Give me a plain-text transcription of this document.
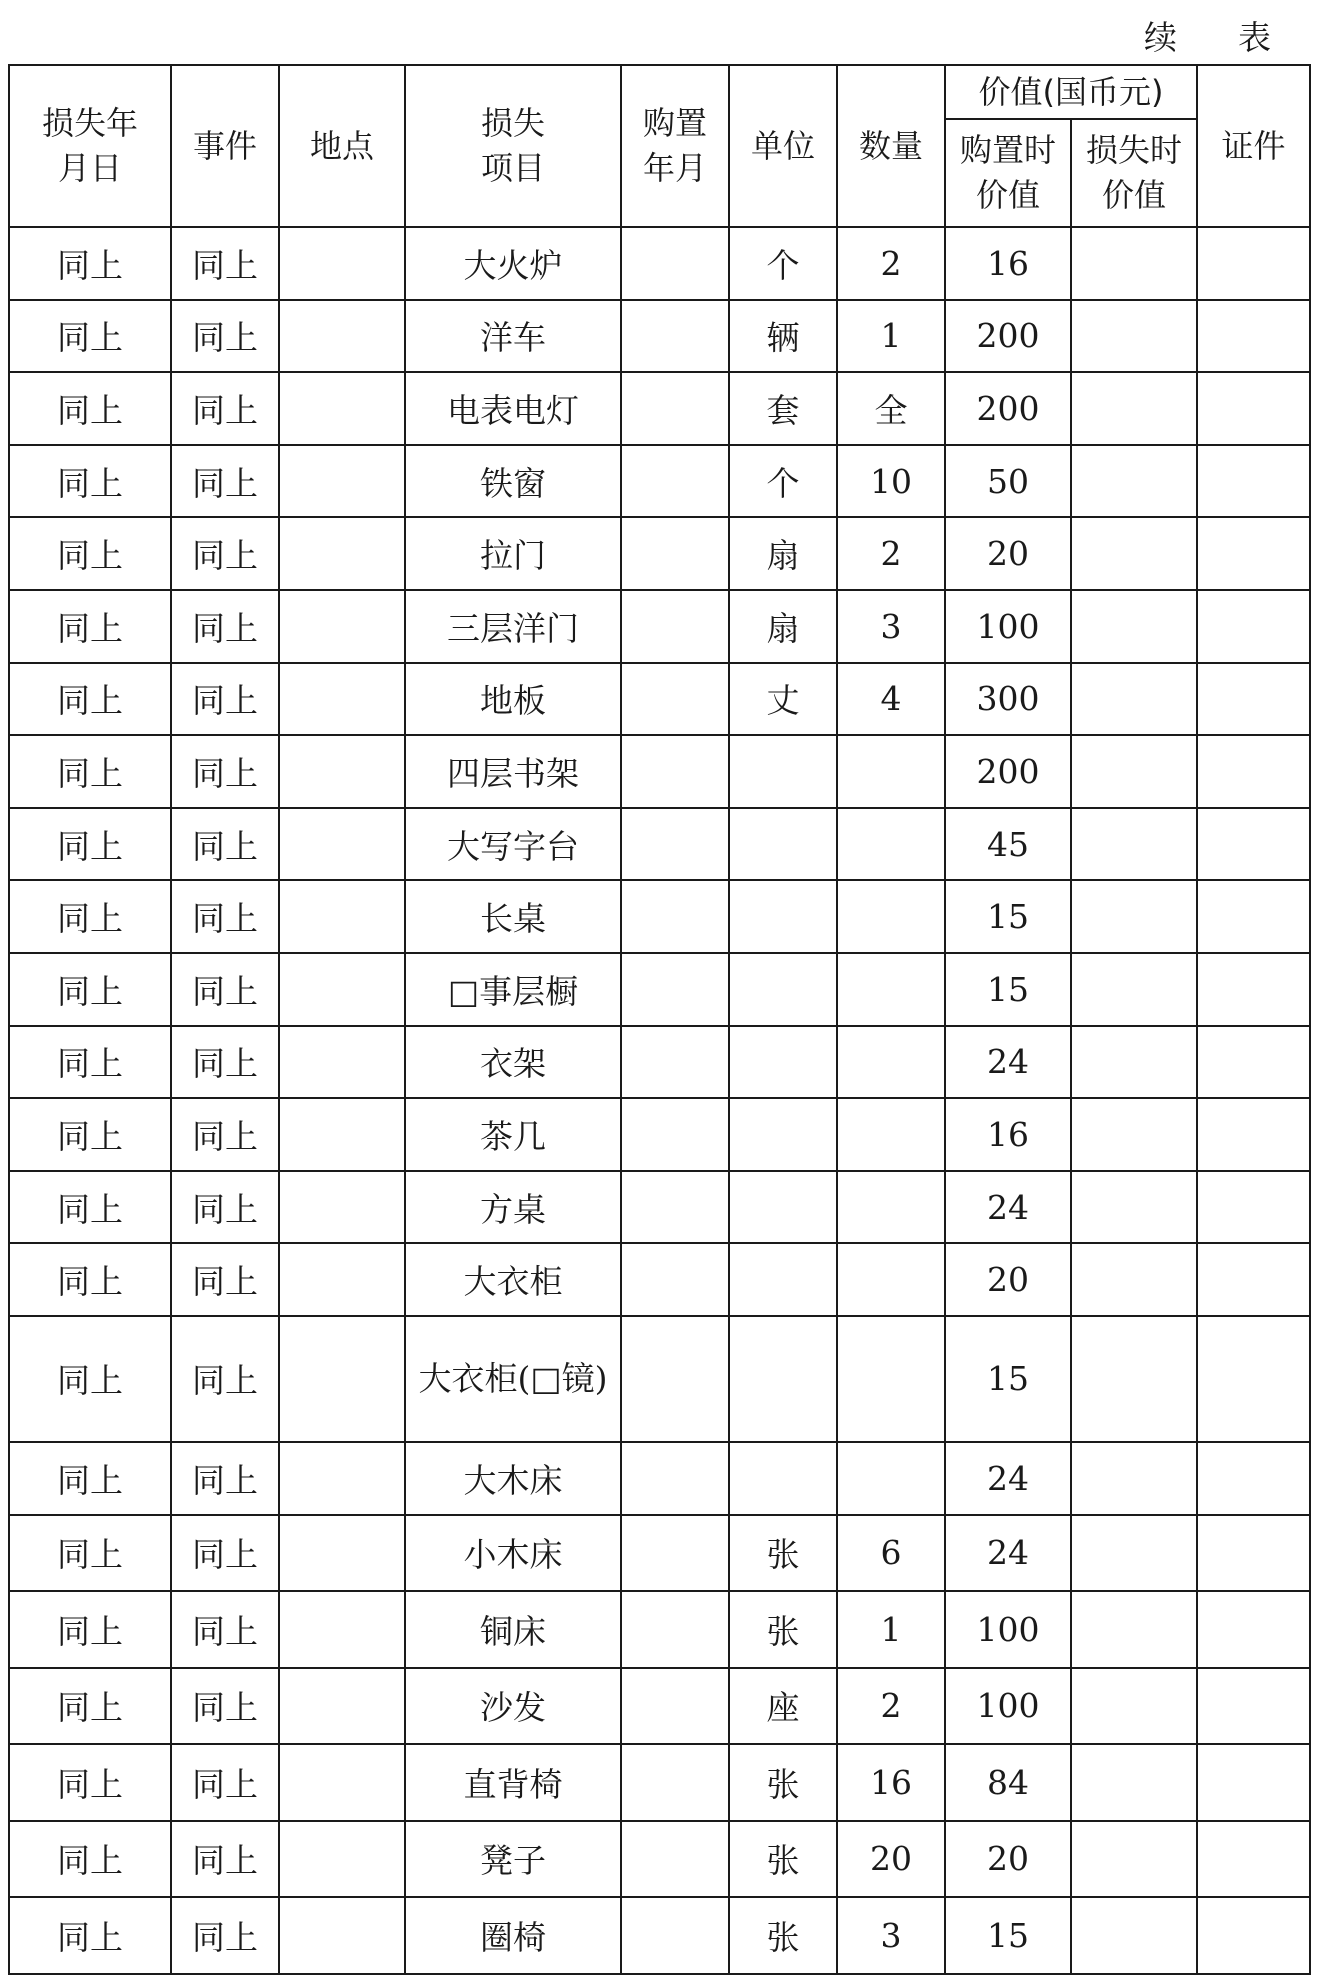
续　表
损失年月日	事件	地点	损失项目	购置年月	单位	数量	价值(国币元)		证件
							购置时价值	损失时价值	
同上	同上		大火炉		个	2	16		
同上	同上		洋车		辆	1	200		
同上	同上		电表电灯		套	全	200		
同上	同上		铁窗		个	10	50		
同上	同上		拉门		扇	2	20		
同上	同上		三层洋门		扇	3	100		
同上	同上		地板		丈	4	300		
同上	同上		四层书架				200		
同上	同上		大写字台				45		
同上	同上		长桌				15		
同上	同上		□事层橱				15		
同上	同上		衣架				24		
同上	同上		茶几				16		
同上	同上		方桌				24		
同上	同上		大衣柜				20		
同上	同上		大衣柜(□镜)				15		
同上	同上		大木床				24		
同上	同上		小木床		张	6	24		
同上	同上		铜床		张	1	100		
同上	同上		沙发		座	2	100		
同上	同上		直背椅		张	16	84		
同上	同上		凳子		张	20	20		
同上	同上		圈椅		张	3	15		
